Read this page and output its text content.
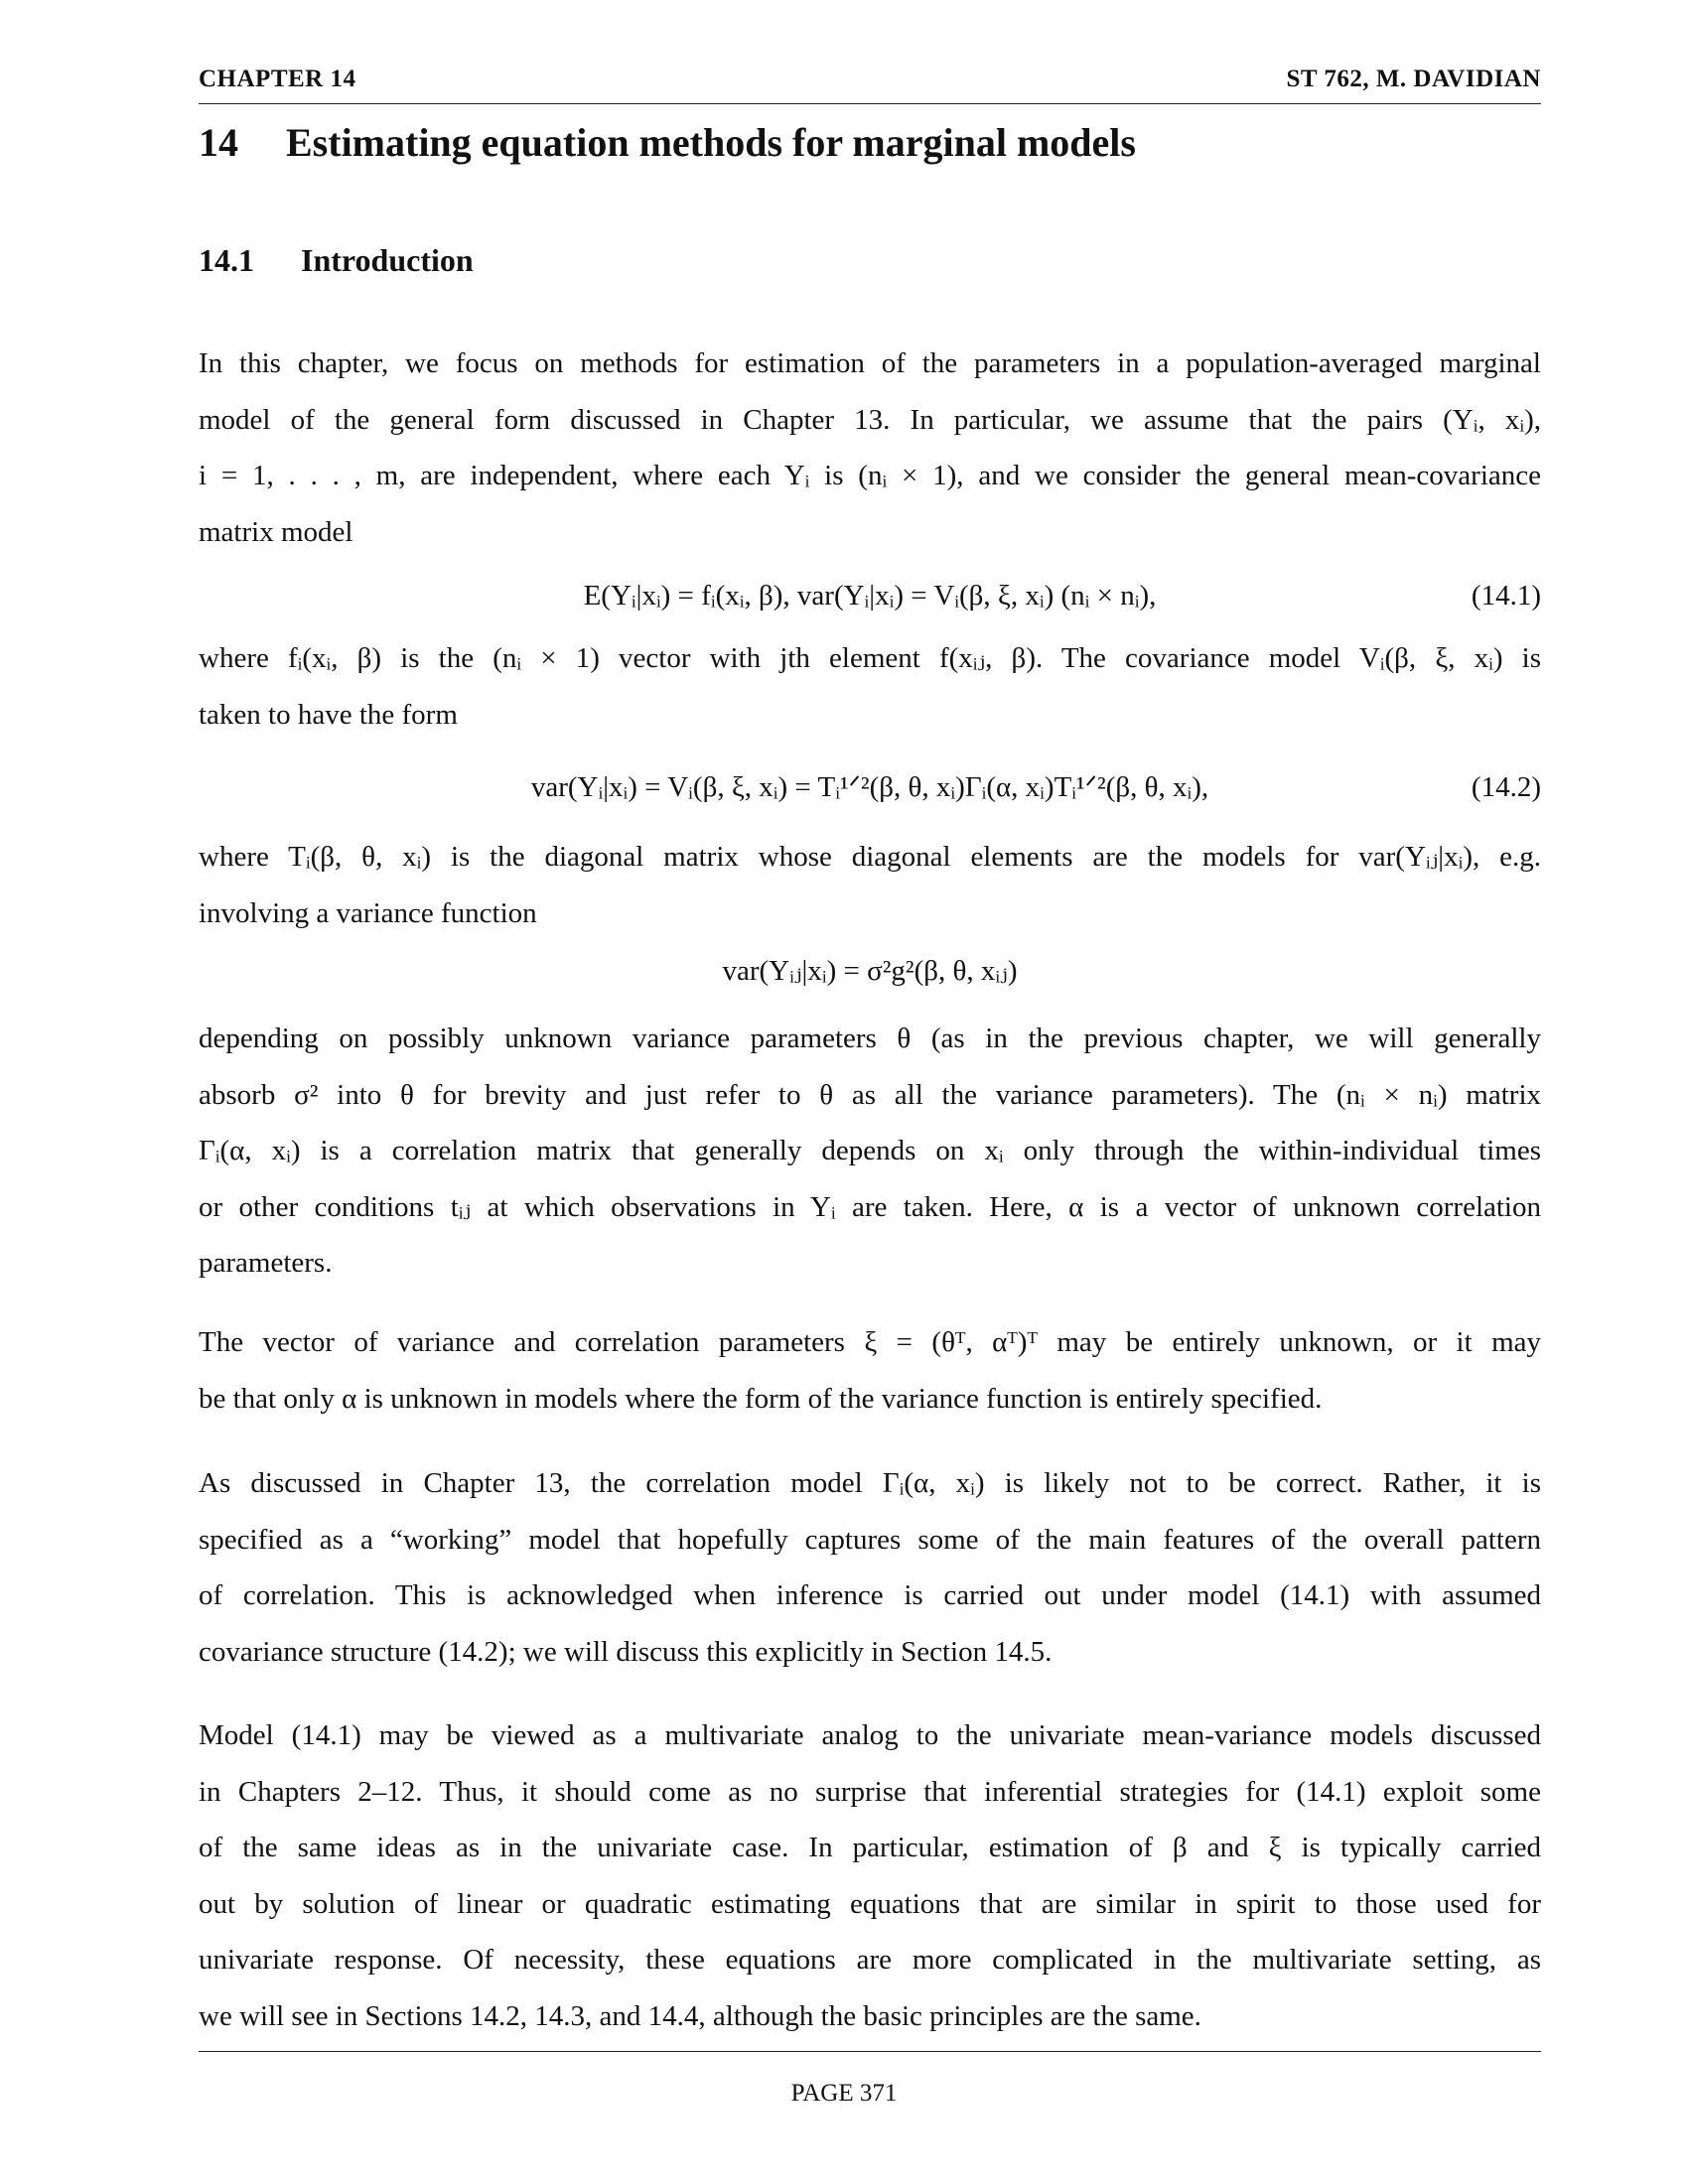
CHAPTER 14	ST 762, M. DAVIDIAN
14 Estimating equation methods for marginal models
14.1 Introduction
In this chapter, we focus on methods for estimation of the parameters in a population-averaged marginal
model of the general form discussed in Chapter 13. In particular, we assume that the pairs (Yᵢ, xᵢ),
i = 1, . . . , m, are independent, where each Yᵢ is (nᵢ × 1), and we consider the general mean-covariance
matrix model
E(Yᵢ|xᵢ) = fᵢ(xᵢ, β), var(Yᵢ|xᵢ) = Vᵢ(β, ξ, xᵢ) (nᵢ × nᵢ),	(14.1)
where fᵢ(xᵢ, β) is the (nᵢ × 1) vector with jth element f(xᵢⱼ, β). The covariance model Vᵢ(β, ξ, xᵢ) is
taken to have the form
var(Yᵢ|xᵢ) = Vᵢ(β, ξ, xᵢ) = Tᵢ¹ᐟ²(β, θ, xᵢ)Γᵢ(α, xᵢ)Tᵢ¹ᐟ²(β, θ, xᵢ),	(14.2)
where Tᵢ(β, θ, xᵢ) is the diagonal matrix whose diagonal elements are the models for var(Yᵢⱼ|xᵢ), e.g.
involving a variance function
var(Yᵢⱼ|xᵢ) = σ²g²(β, θ, xᵢⱼ)
depending on possibly unknown variance parameters θ (as in the previous chapter, we will generally
absorb σ² into θ for brevity and just refer to θ as all the variance parameters). The (nᵢ × nᵢ) matrix
Γᵢ(α, xᵢ) is a correlation matrix that generally depends on xᵢ only through the within-individual times
or other conditions tᵢⱼ at which observations in Yᵢ are taken. Here, α is a vector of unknown correlation
parameters.
The vector of variance and correlation parameters ξ = (θᵀ, αᵀ)ᵀ may be entirely unknown, or it may
be that only α is unknown in models where the form of the variance function is entirely specified.
As discussed in Chapter 13, the correlation model Γᵢ(α, xᵢ) is likely not to be correct. Rather, it is
specified as a “working” model that hopefully captures some of the main features of the overall pattern
of correlation. This is acknowledged when inference is carried out under model (14.1) with assumed
covariance structure (14.2); we will discuss this explicitly in Section 14.5.
Model (14.1) may be viewed as a multivariate analog to the univariate mean-variance models discussed
in Chapters 2–12. Thus, it should come as no surprise that inferential strategies for (14.1) exploit some
of the same ideas as in the univariate case. In particular, estimation of β and ξ is typically carried
out by solution of linear or quadratic estimating equations that are similar in spirit to those used for
univariate response. Of necessity, these equations are more complicated in the multivariate setting, as
we will see in Sections 14.2, 14.3, and 14.4, although the basic principles are the same.
PAGE 371
